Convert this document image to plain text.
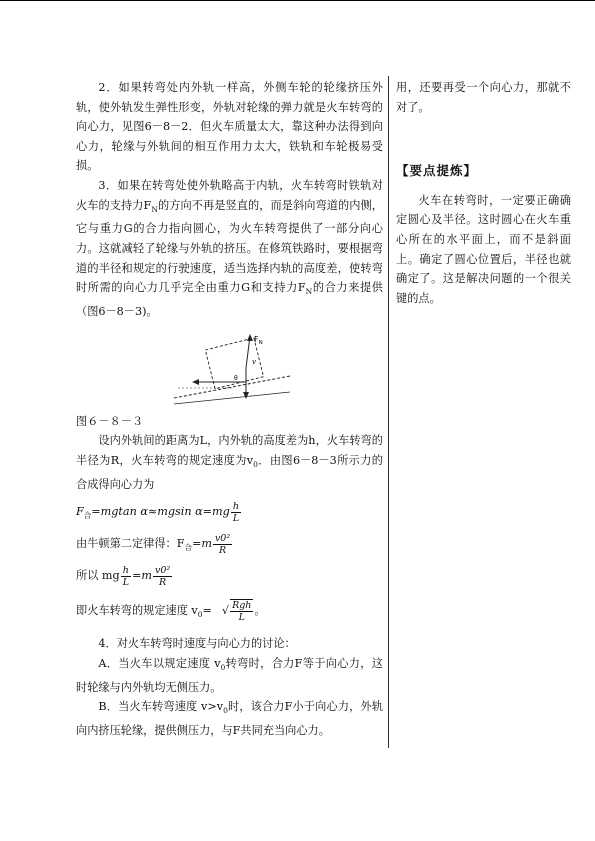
2．如果转弯处内外轨一样高，外侧车轮的轮缘挤压外轨，使外轨发生弹性形变，外轨对轮缘的弹力就是火车转弯的向心力，见图6－8－2．但火车质量太大，靠这种办法得到向心力，轮缘与外轨间的相互作用力太大，铁轨和车轮极易受损。

3．如果在转弯处使外轨略高于内轨，火车转弯时铁轨对火车的支持力$F_N$的方向不再是竖直的，而是斜向弯道的内侧，它与重力G的合力指向圆心，为火车转弯提供了一部分向心力。这就减轻了轮缘与外轨的挤压。在修筑铁路时，要根据弯道的半径和规定的行驶速度，适当选择内轨的高度差，使转弯时所需的向心力几乎完全由重力G和支持力$F_N$的合力来提供（图6－8－3)。

$F_N$
v
θ

图６－８－３

设内外轨间的距离为L，内外轨的高度差为h，火车转弯的半径为R，火车转弯的规定速度为$v_0$．由图6－8－3所示力的合成得向心力为

$F_合=mgtan$ α≈mgsin $\alpha=mg \frac{h}{L}$

由牛顿第二定律得：$F_合=m \frac{\text{v0²}}{R}$

所以 mg $\frac{h}{L} =m \frac{\text{v0²}}{R}$

即火车转弯的规定速度 $v_0=$ √ $\frac{\text{Rgh}}{L}$ 。

4．对火车转弯时速度与向心力的讨论：

A．当火车以规定速度 $v_0$转弯时，合力F等于向心力，这时轮缘与内外轨均无侧压力。

B．当火车转弯速度 $v>v_0$时，该合力F小于向心力，外轨向内挤压轮缘，提供侧压力，与F共同充当向心力。

用，还要再受一个向心力，那就不对了。

【要点提炼】

火车在转弯时，一定要正确确定圆心及半径。这时圆心在火车重心所在的水平面上，而不是斜面上。确定了圆心位置后，半径也就确定了。这是解决问题的一个很关键的点。
